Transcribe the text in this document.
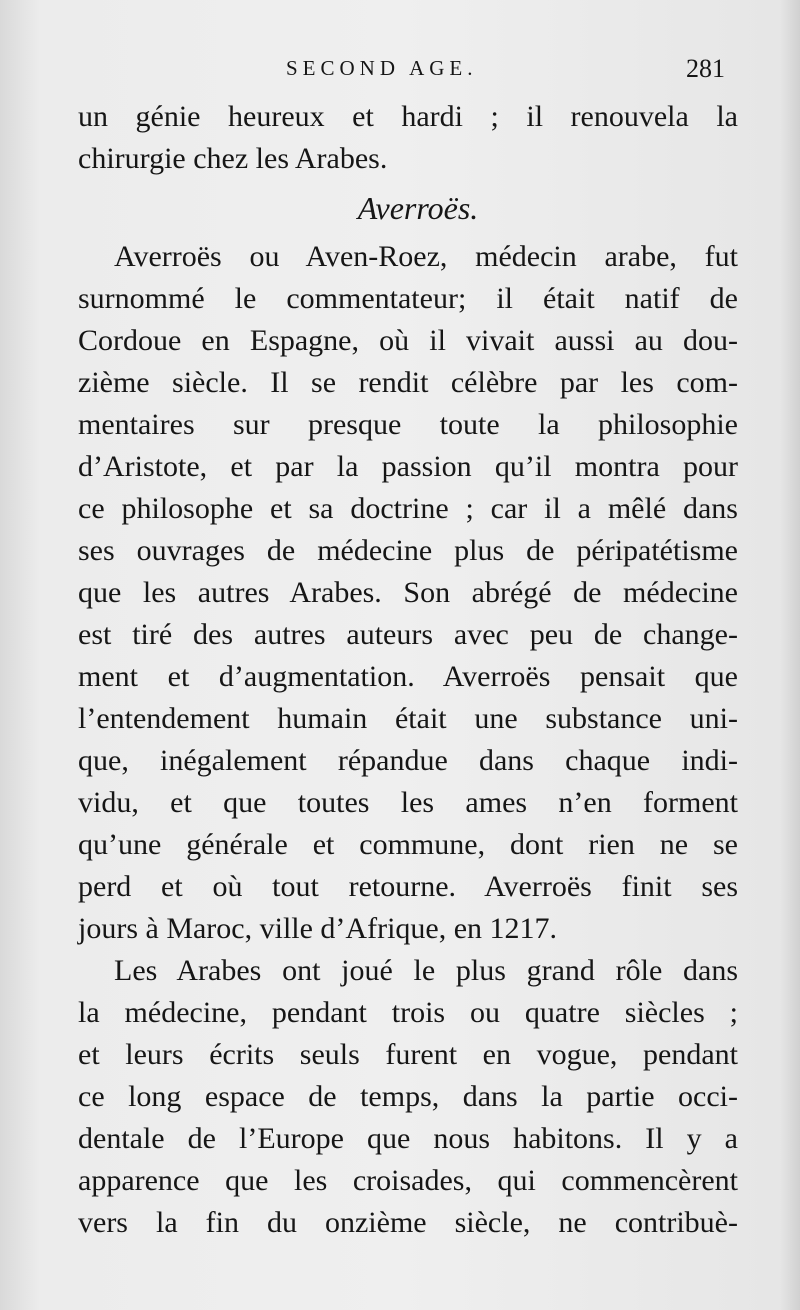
SECOND AGE.	281
un génie heureux et hardi ; il renouvela la
chirurgie chez les Arabes.
Averroës.
Averroës ou Aven-Roez, médecin arabe, fut
surnommé le commentateur; il était natif de
Cordoue en Espagne, où il vivait aussi au dou-
zième siècle. Il se rendit célèbre par les com-
mentaires sur presque toute la philosophie
d’Aristote, et par la passion qu’il montra pour
ce philosophe et sa doctrine ; car il a mêlé dans
ses ouvrages de médecine plus de péripatétisme
que les autres Arabes. Son abrégé de médecine
est tiré des autres auteurs avec peu de change-
ment et d’augmentation. Averroës pensait que
l’entendement humain était une substance uni-
que, inégalement répandue dans chaque indi-
vidu, et que toutes les ames n’en forment
qu’une générale et commune, dont rien ne se
perd et où tout retourne. Averroës finit ses
jours à Maroc, ville d’Afrique, en 1217.
Les Arabes ont joué le plus grand rôle dans
la médecine, pendant trois ou quatre siècles ;
et leurs écrits seuls furent en vogue, pendant
ce long espace de temps, dans la partie occi-
dentale de l’Europe que nous habitons. Il y a
apparence que les croisades, qui commencèrent
vers la fin du onzième siècle, ne contribuè-
